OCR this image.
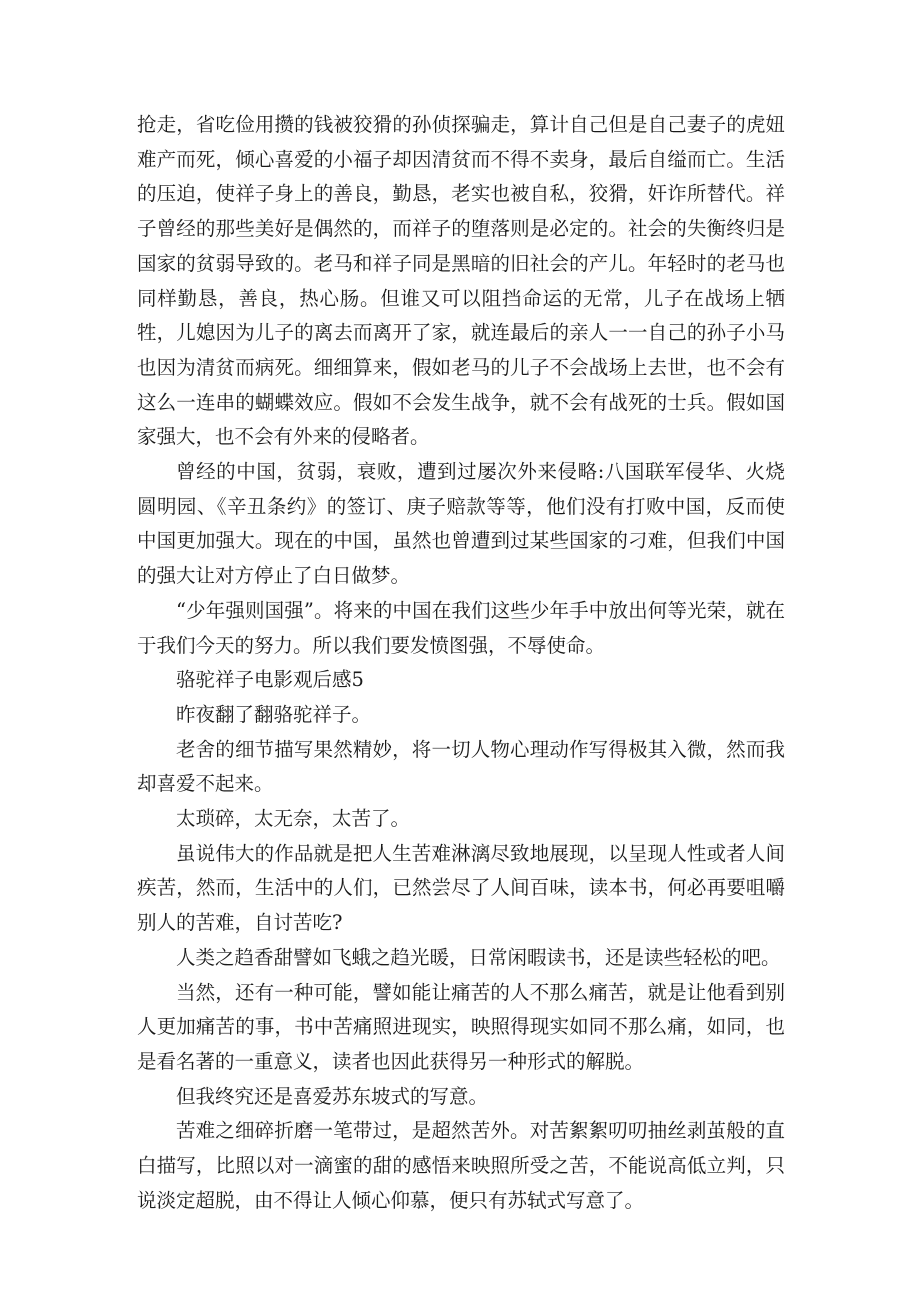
抢走，省吃俭用攒的钱被狡猾的孙侦探骗走，算计自己但是自己妻子的虎妞难产而死，倾心喜爱的小福子却因清贫而不得不卖身，最后自缢而亡。生活的压迫，使祥子身上的善良，勤恳，老实也被自私，狡猾，奸诈所替代。祥子曾经的那些美好是偶然的，而祥子的堕落则是必定的。社会的失衡终归是国家的贫弱导致的。老马和祥子同是黑暗的旧社会的产儿。年轻时的老马也同样勤恳，善良，热心肠。但谁又可以阻挡命运的无常，儿子在战场上牺牲，儿媳因为儿子的离去而离开了家，就连最后的亲人一一自己的孙子小马也因为清贫而病死。细细算来，假如老马的儿子不会战场上去世，也不会有这么一连串的蝴蝶效应。假如不会发生战争，就不会有战死的士兵。假如国家强大，也不会有外来的侵略者。

曾经的中国，贫弱，衰败，遭到过屡次外来侵略:八国联军侵华、火烧圆明园、《辛丑条约》的签订、庚子赔款等等，他们没有打败中国，反而使中国更加强大。现在的中国，虽然也曾遭到过某些国家的刁难，但我们中国的强大让对方停止了白日做梦。

“少年强则国强”。将来的中国在我们这些少年手中放出何等光荣，就在于我们今天的努力。所以我们要发愤图强，不辱使命。

骆驼祥子电影观后感5

昨夜翻了翻骆驼祥子。

老舍的细节描写果然精妙，将一切人物心理动作写得极其入微，然而我却喜爱不起来。

太琐碎，太无奈，太苦了。

虽说伟大的作品就是把人生苦难淋漓尽致地展现，以呈现人性或者人间疾苦，然而，生活中的人们，已然尝尽了人间百味，读本书，何必再要咀嚼别人的苦难，自讨苦吃?

人类之趋香甜譬如飞蛾之趋光暖，日常闲暇读书，还是读些轻松的吧。

当然，还有一种可能，譬如能让痛苦的人不那么痛苦，就是让他看到别人更加痛苦的事，书中苦痛照进现实，映照得现实如同不那么痛，如同，也是看名著的一重意义，读者也因此获得另一种形式的解脱。

但我终究还是喜爱苏东坡式的写意。

苦难之细碎折磨一笔带过，是超然苦外。对苦絮絮叨叨抽丝剥茧般的直白描写，比照以对一滴蜜的甜的感悟来映照所受之苦，不能说高低立判，只说淡定超脱，由不得让人倾心仰慕，便只有苏轼式写意了。
